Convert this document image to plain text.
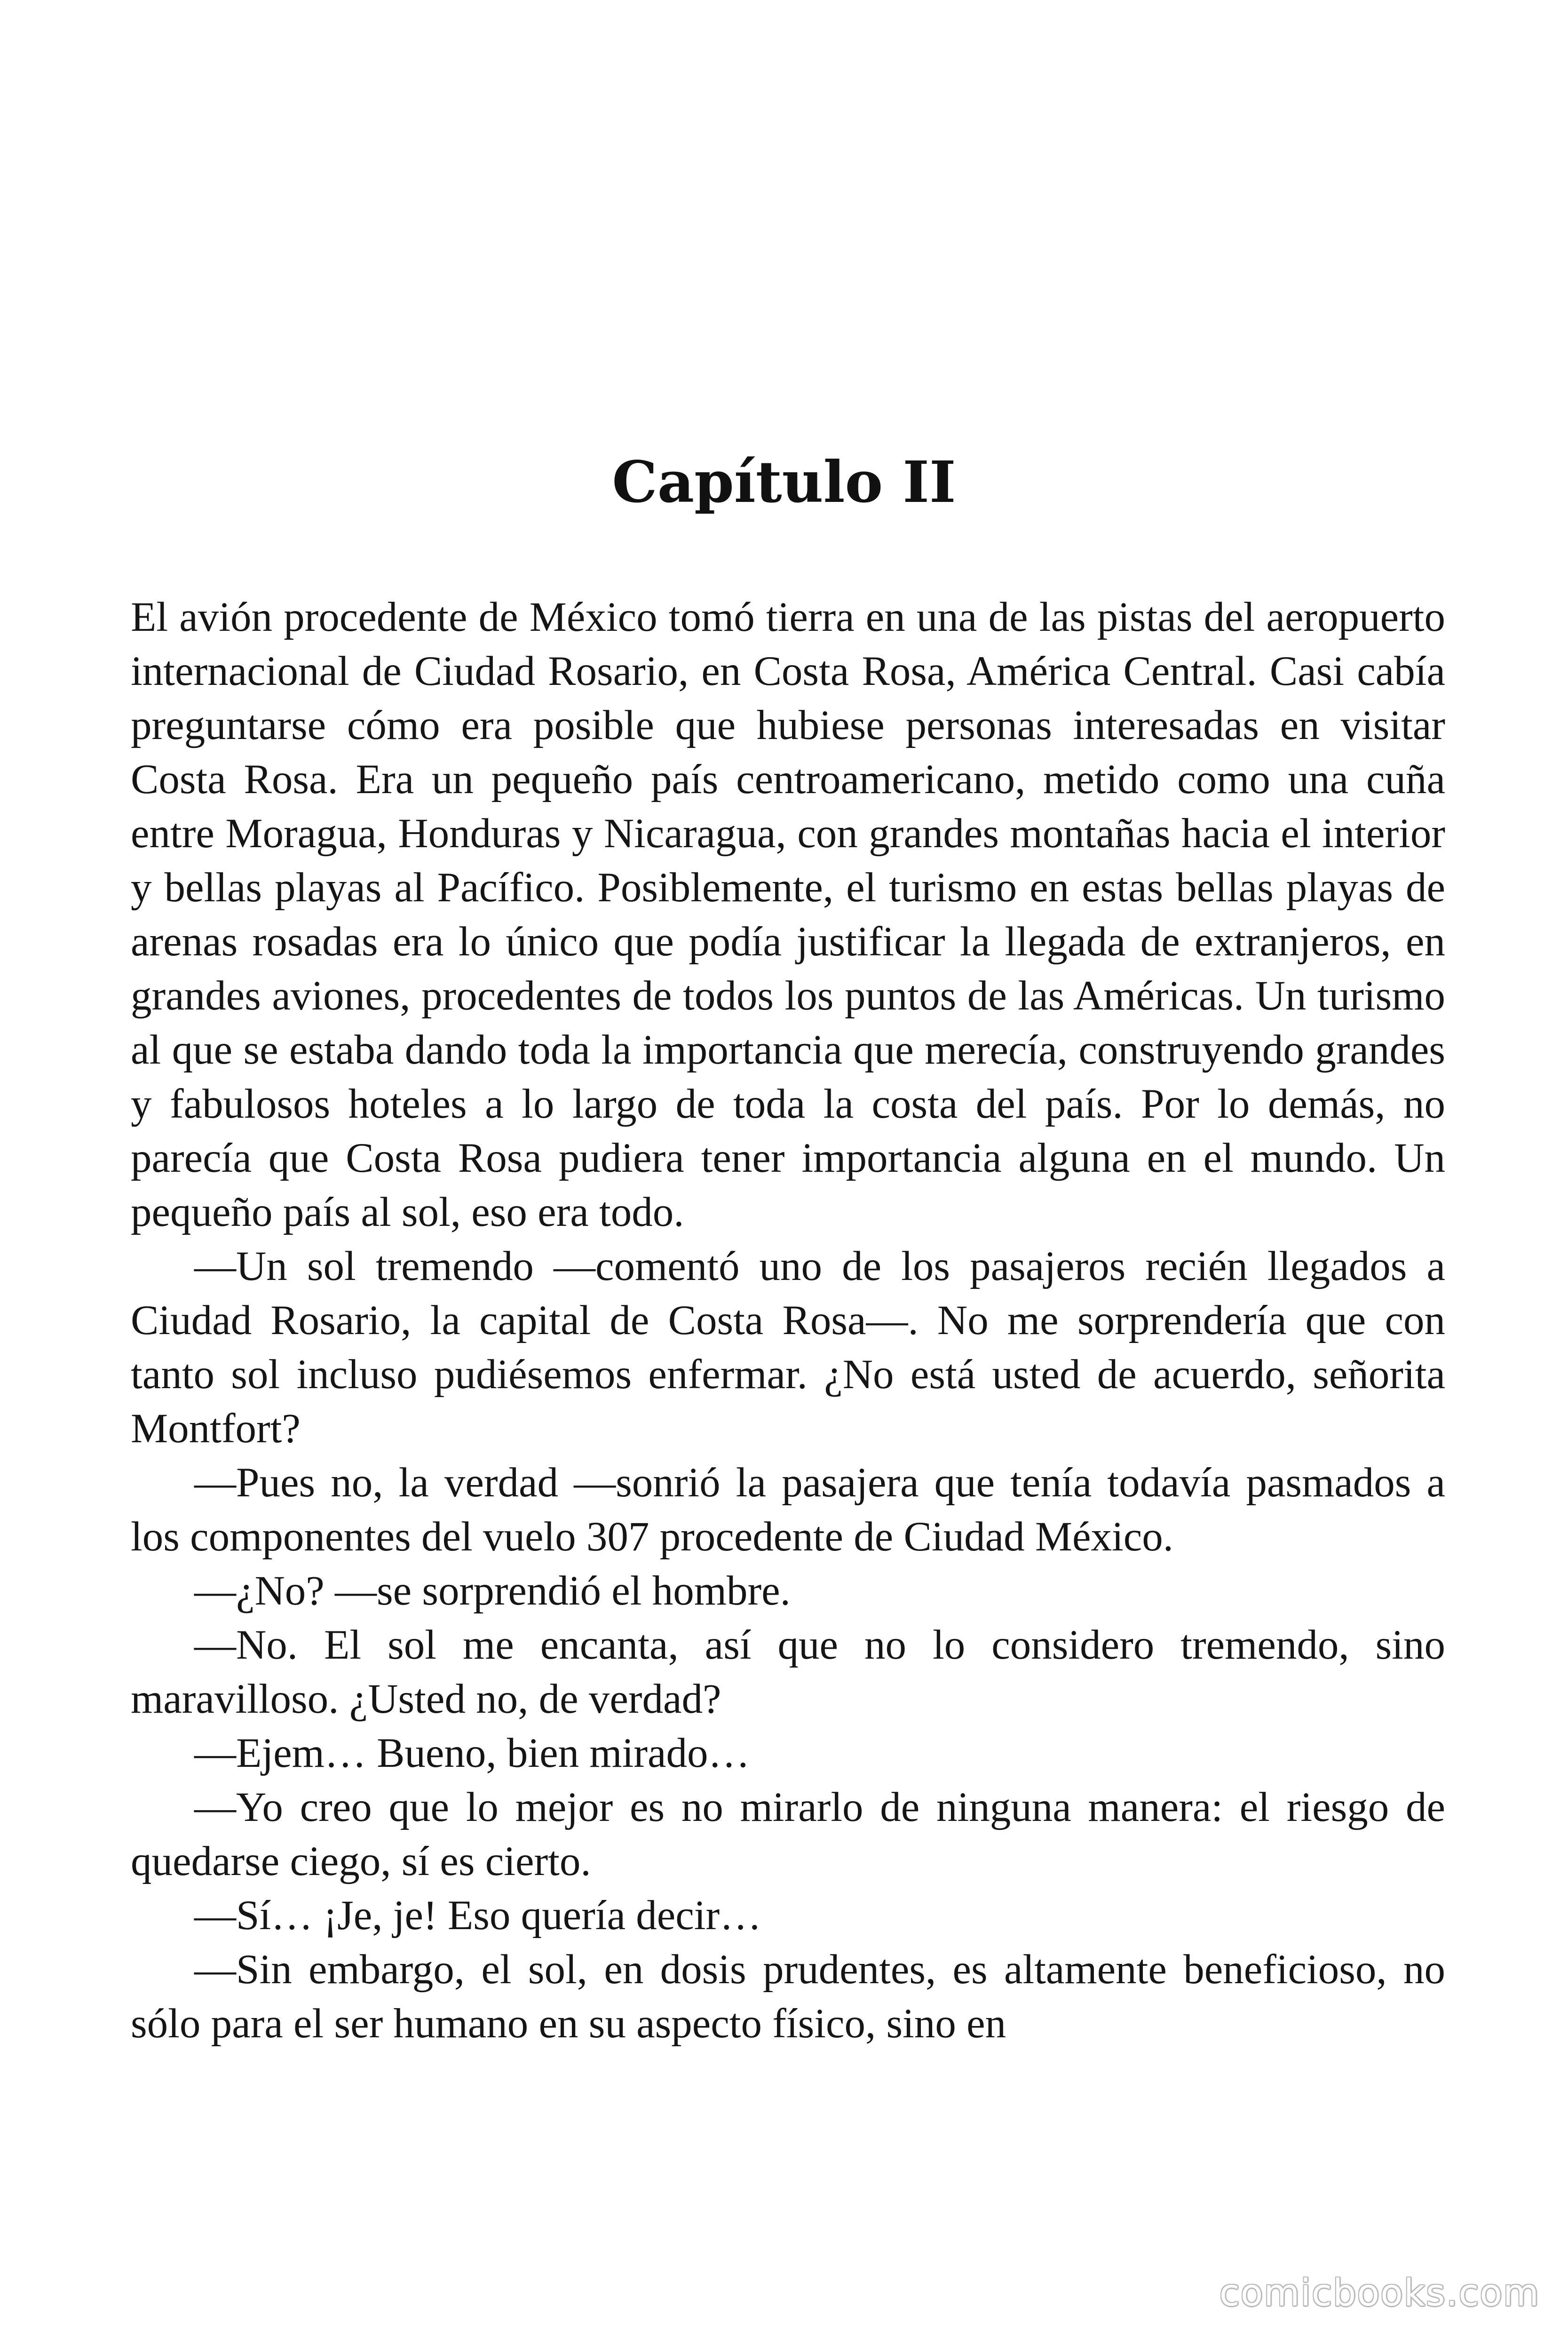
Capítulo II

El avión procedente de México tomó tierra en una de las pistas del aeropuerto internacional de Ciudad Rosario, en Costa Rosa, América Central. Casi cabía preguntarse cómo era posible que hubiese personas interesadas en visitar Costa Rosa. Era un pequeño país centroamericano, metido como una cuña entre Moragua, Honduras y Nicaragua, con grandes montañas hacia el interior y bellas playas al Pacífico. Posiblemente, el turismo en estas bellas playas de arenas rosadas era lo único que podía justificar la llegada de extranjeros, en grandes aviones, procedentes de todos los puntos de las Américas. Un turismo al que se estaba dando toda la importancia que merecía, construyendo grandes y fabulosos hoteles a lo largo de toda la costa del país. Por lo demás, no parecía que Costa Rosa pudiera tener importancia alguna en el mundo. Un pequeño país al sol, eso era todo.

—Un sol tremendo —comentó uno de los pasajeros recién llegados a Ciudad Rosario, la capital de Costa Rosa—. No me sorprendería que con tanto sol incluso pudiésemos enfermar. ¿No está usted de acuerdo, señorita Montfort?

—Pues no, la verdad —sonrió la pasajera que tenía todavía pasmados a los componentes del vuelo 307 procedente de Ciudad México.

—¿No? —se sorprendió el hombre.

—No. El sol me encanta, así que no lo considero tremendo, sino maravilloso. ¿Usted no, de verdad?

—Ejem… Bueno, bien mirado…

—Yo creo que lo mejor es no mirarlo de ninguna manera: el riesgo de quedarse ciego, sí es cierto.

—Sí… ¡Je, je! Eso quería decir…

—Sin embargo, el sol, en dosis prudentes, es altamente beneficioso, no sólo para el ser humano en su aspecto físico, sino en

comicbooks.com
